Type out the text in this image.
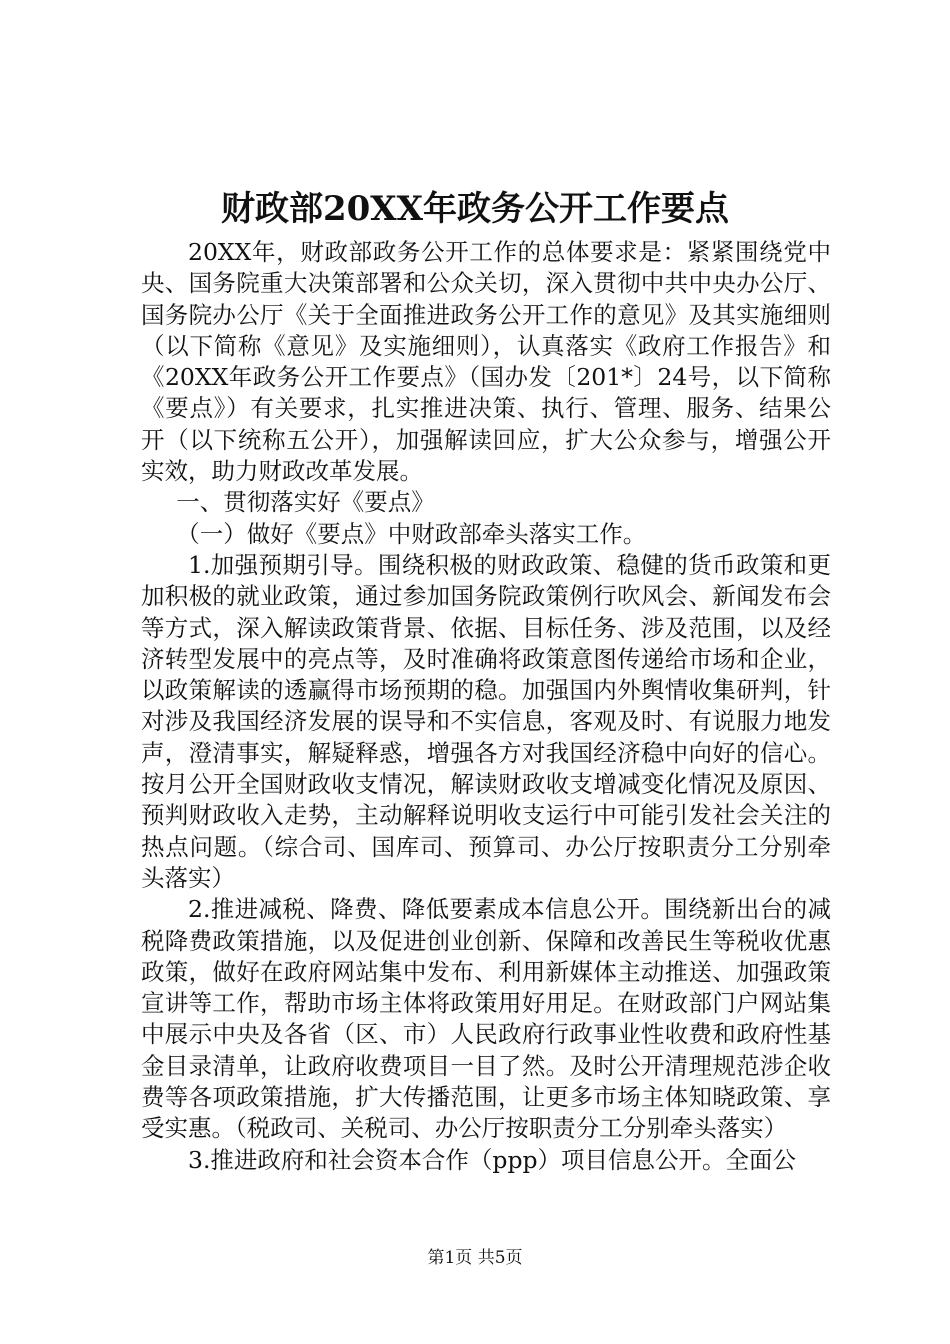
财政部20XX年政务公开工作要点

20XX年，财政部政务公开工作的总体要求是：紧紧围绕党中央、国务院重大决策部署和公众关切，深入贯彻中共中央办公厅、国务院办公厅《关于全面推进政务公开工作的意见》及其实施细则（以下简称《意见》及实施细则），认真落实《政府工作报告》和《20XX年政务公开工作要点》（国办发〔201*〕24号，以下简称《要点》）有关要求，扎实推进决策、执行、管理、服务、结果公开（以下统称五公开），加强解读回应，扩大公众参与，增强公开实效，助力财政改革发展。

一、贯彻落实好《要点》

（一）做好《要点》中财政部牵头落实工作。

1.加强预期引导。围绕积极的财政政策、稳健的货币政策和更加积极的就业政策，通过参加国务院政策例行吹风会、新闻发布会等方式，深入解读政策背景、依据、目标任务、涉及范围，以及经济转型发展中的亮点等，及时准确将政策意图传递给市场和企业，以政策解读的透赢得市场预期的稳。加强国内外舆情收集研判，针对涉及我国经济发展的误导和不实信息，客观及时、有说服力地发声，澄清事实，解疑释惑，增强各方对我国经济稳中向好的信心。按月公开全国财政收支情况，解读财政收支增减变化情况及原因、预判财政收入走势，主动解释说明收支运行中可能引发社会关注的热点问题。（综合司、国库司、预算司、办公厅按职责分工分别牵头落实）

2.推进减税、降费、降低要素成本信息公开。围绕新出台的减税降费政策措施，以及促进创业创新、保障和改善民生等税收优惠政策，做好在政府网站集中发布、利用新媒体主动推送、加强政策宣讲等工作，帮助市场主体将政策用好用足。在财政部门户网站集中展示中央及各省（区、市）人民政府行政事业性收费和政府性基金目录清单，让政府收费项目一目了然。及时公开清理规范涉企收费等各项政策措施，扩大传播范围，让更多市场主体知晓政策、享受实惠。（税政司、关税司、办公厅按职责分工分别牵头落实）

3.推进政府和社会资本合作（ppp）项目信息公开。全面公

第1页 共5页
